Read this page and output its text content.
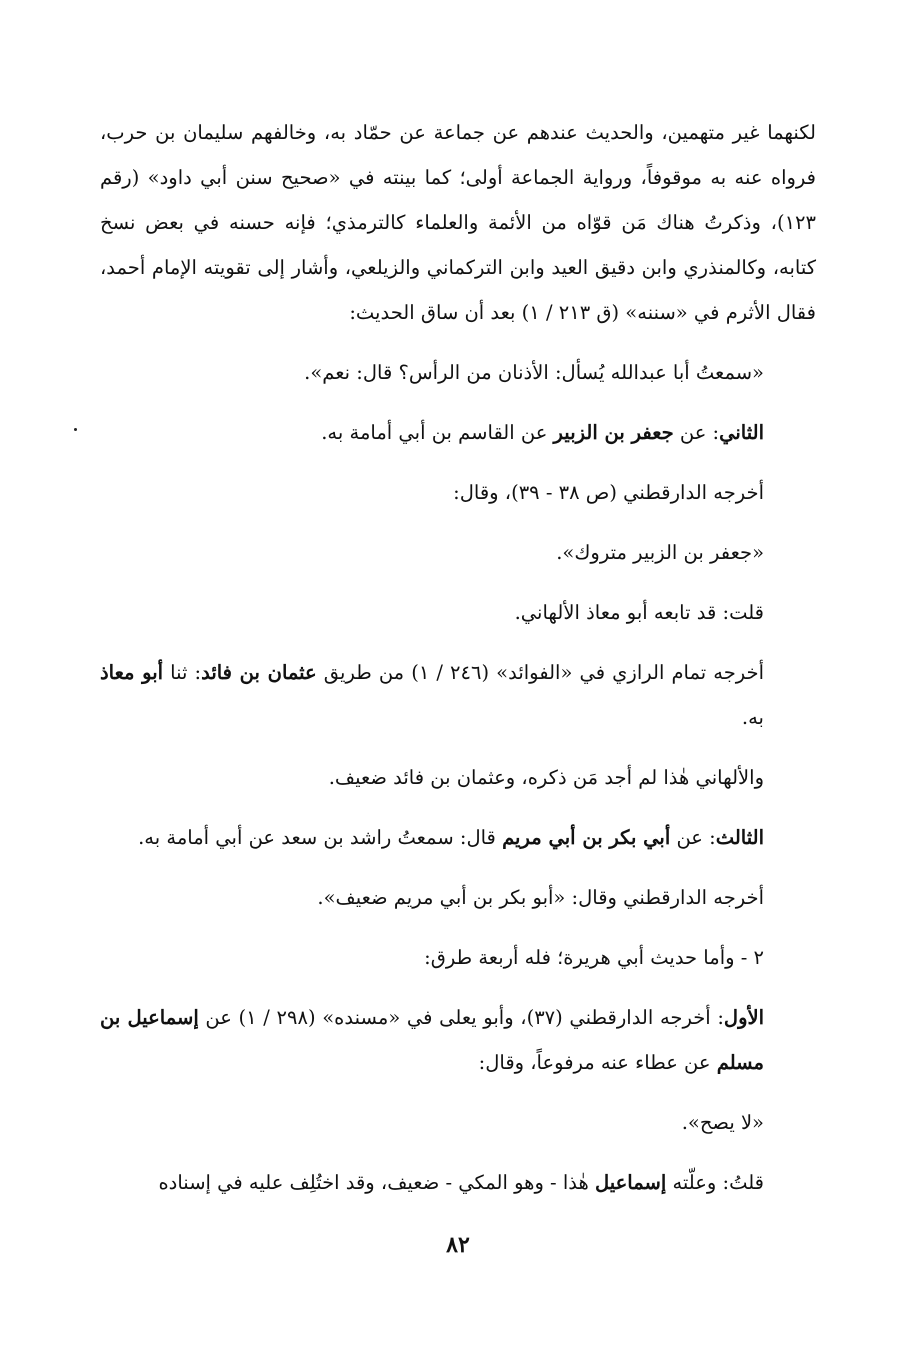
لكنهما غير متهمين، والحديث عندهم عن جماعة عن حمّاد به، وخالفهم سليمان بن حرب، فرواه عنه به موقوفاً، ورواية الجماعة أولى؛ كما بينته في «صحيح سنن أبي داود» (رقم ١٢٣)، وذكرتُ هناك مَن قوّاه من الأئمة والعلماء كالترمذي؛ فإنه حسنه في بعض نسخ كتابه، وكالمنذري وابن دقيق العيد وابن التركماني والزيلعي، وأشار إلى تقويته الإمام أحمد، فقال الأثرم في «سننه» (ق ٢١٣ / ١) بعد أن ساق الحديث:

«سمعتُ أبا عبدالله يُسأل: الأذنان من الرأس؟ قال: نعم».

الثاني: عن جعفر بن الزبير عن القاسم بن أبي أمامة به.

أخرجه الدارقطني (ص ٣٨ - ٣٩)، وقال:

«جعفر بن الزبير متروك».

قلت: قد تابعه أبو معاذ الألهاني.

أخرجه تمام الرازي في «الفوائد» (٢٤٦ / ١) من طريق عثمان بن فائد: ثنا أبو معاذ به.

والألهاني هٰذا لم أجد مَن ذكره، وعثمان بن فائد ضعيف.

الثالث: عن أبي بكر بن أبي مريم قال: سمعتُ راشد بن سعد عن أبي أمامة به.

أخرجه الدارقطني وقال: «أبو بكر بن أبي مريم ضعيف».

٢ - وأما حديث أبي هريرة؛ فله أربعة طرق:

الأول: أخرجه الدارقطني (٣٧)، وأبو يعلى في «مسنده» (٢٩٨ / ١) عن إسماعيل بن مسلم عن عطاء عنه مرفوعاً، وقال:

«لا يصح».

قلتُ: وعلّته إسماعيل هٰذا - وهو المكي - ضعيف، وقد اختُلِف عليه في إسناده

٨٢
